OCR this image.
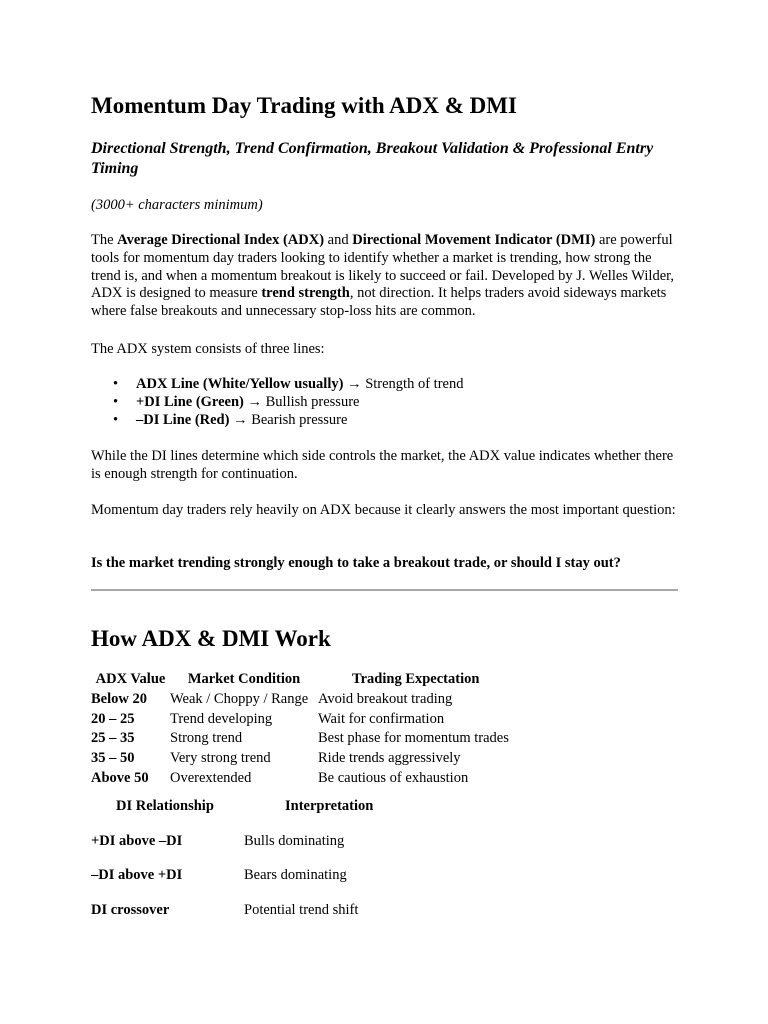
Momentum Day Trading with ADX & DMI

Directional Strength, Trend Confirmation, Breakout Validation & Professional Entry Timing

(3000+ characters minimum)

The Average Directional Index (ADX) and Directional Movement Indicator (DMI) are powerful tools for momentum day traders looking to identify whether a market is trending, how strong the trend is, and when a momentum breakout is likely to succeed or fail. Developed by J. Welles Wilder, ADX is designed to measure trend strength, not direction. It helps traders avoid sideways markets where false breakouts and unnecessary stop-loss hits are common.

The ADX system consists of three lines:

• ADX Line (White/Yellow usually) → Strength of trend
• +DI Line (Green) → Bullish pressure
• –DI Line (Red) → Bearish pressure

While the DI lines determine which side controls the market, the ADX value indicates whether there is enough strength for continuation.

Momentum day traders rely heavily on ADX because it clearly answers the most important question:

Is the market trending strongly enough to take a breakout trade, or should I stay out?

How ADX & DMI Work
ADX Value	Market Condition	Trading Expectation
Below 20	Weak / Choppy / Range	Avoid breakout trading
20 – 25	Trend developing	Wait for confirmation
25 – 35	Strong trend	Best phase for momentum trades
35 – 50	Very strong trend	Ride trends aggressively
Above 50	Overextended	Be cautious of exhaustion
DI Relationship	Interpretation
+DI above –DI	Bulls dominating
–DI above +DI	Bears dominating
DI crossover	Potential trend shift
